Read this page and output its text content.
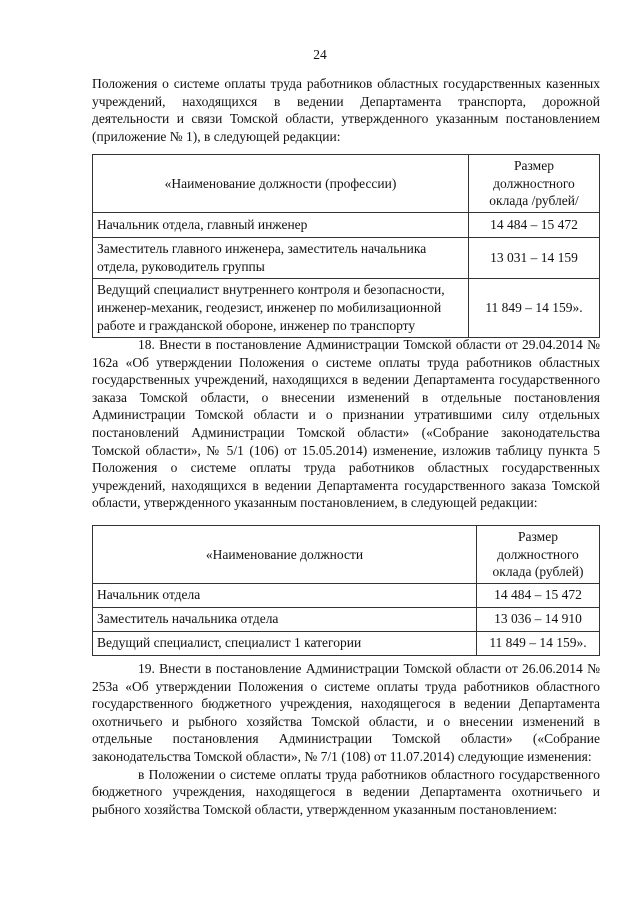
24

Положения о системе оплаты труда работников областных государственных казенных учреждений, находящихся в ведении Департамента транспорта, дорожной деятельности и связи Томской области, утвержденного указанным постановлением (приложение № 1), в следующей редакции:

«Наименование должности (профессии)	Размер должностного оклада /рублей/
Начальник отдела, главный инженер	14 484 – 15 472
Заместитель главного инженера, заместитель начальника отдела, руководитель группы	13 031 – 14 159
Ведущий специалист внутреннего контроля и безопасности, инженер-механик, геодезист, инженер по мобилизационной работе и гражданской обороне, инженер по транспорту	11 849 – 14 159».

18. Внести в постановление Администрации Томской области от 29.04.2014 № 162а «Об утверждении Положения о системе оплаты труда работников областных государственных учреждений, находящихся в ведении Департамента государственного заказа Томской области, о внесении изменений в отдельные постановления Администрации Томской области и о признании утратившими силу отдельных постановлений Администрации Томской области» («Собрание законодательства Томской области», № 5/1 (106) от 15.05.2014) изменение, изложив таблицу пункта 5 Положения о системе оплаты труда работников областных государственных учреждений, находящихся в ведении Департамента государственного заказа Томской области, утвержденного указанным постановлением, в следующей редакции:

«Наименование должности	Размер должностного оклада (рублей)
Начальник отдела	14 484 – 15 472
Заместитель начальника отдела	13 036 – 14 910
Ведущий специалист, специалист 1 категории	11 849 – 14 159».

19. Внести в постановление Администрации Томской области от 26.06.2014 № 253а «Об утверждении Положения о системе оплаты труда работников областного государственного бюджетного учреждения, находящегося в ведении Департамента охотничьего и рыбного хозяйства Томской области, и о внесении изменений в отдельные постановления Администрации Томской области» («Собрание законодательства Томской области», № 7/1 (108) от 11.07.2014) следующие изменения:

в Положении о системе оплаты труда работников областного государственного бюджетного учреждения, находящегося в ведении Департамента охотничьего и рыбного хозяйства Томской области, утвержденном указанным постановлением:
